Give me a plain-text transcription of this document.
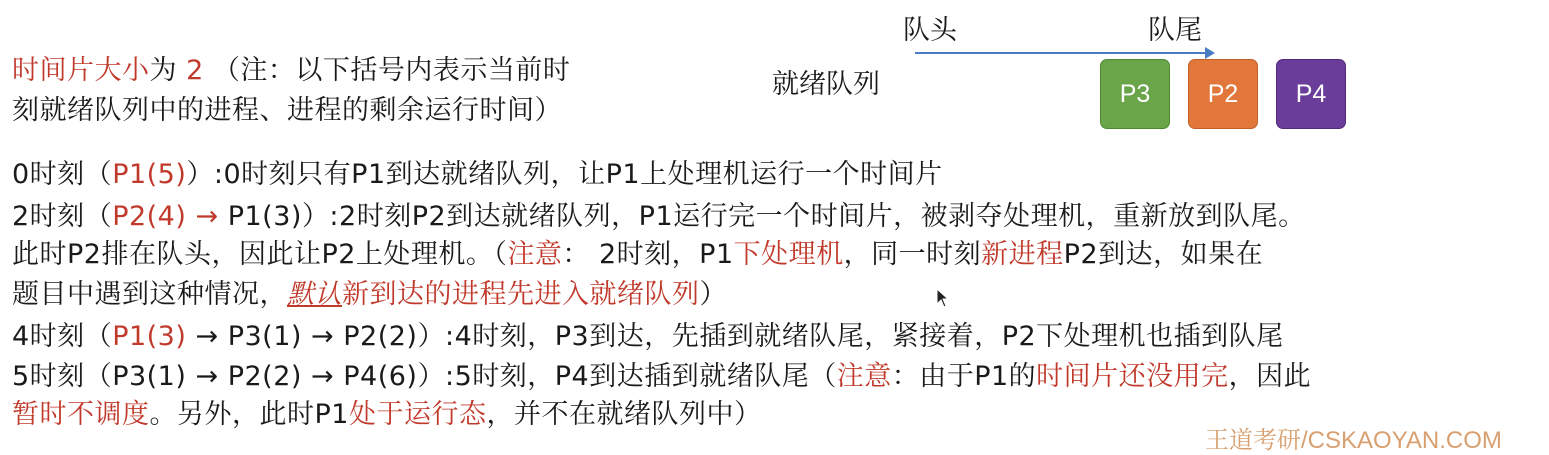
时间片大小为 2 （注：以下括号内表示当前时
刻就绪队列中的进程、进程的剩余运行时间）
队头	队尾
就绪队列	P3	P2	P4
0时刻（P1(5)）:0时刻只有P1到达就绪队列，让P1上处理机运行一个时间片
2时刻（P2(4) → P1(3)）:2时刻P2到达就绪队列，P1运行完一个时间片，被剥夺处理机，重新放到队尾。
此时P2排在队头，因此让P2上处理机。（注意： 2时刻，P1下处理机，同一时刻新进程P2到达，如果在
题目中遇到这种情况，默认新到达的进程先进入就绪队列）
4时刻（P1(3) → P3(1) → P2(2)）:4时刻，P3到达，先插到就绪队尾，紧接着，P2下处理机也插到队尾
5时刻（P3(1) → P2(2) → P4(6)）:5时刻，P4到达插到就绪队尾（注意：由于P1的时间片还没用完，因此
暂时不调度。另外，此时P1处于运行态，并不在就绪队列中）
王道考研/CSKAOYAN.COM
